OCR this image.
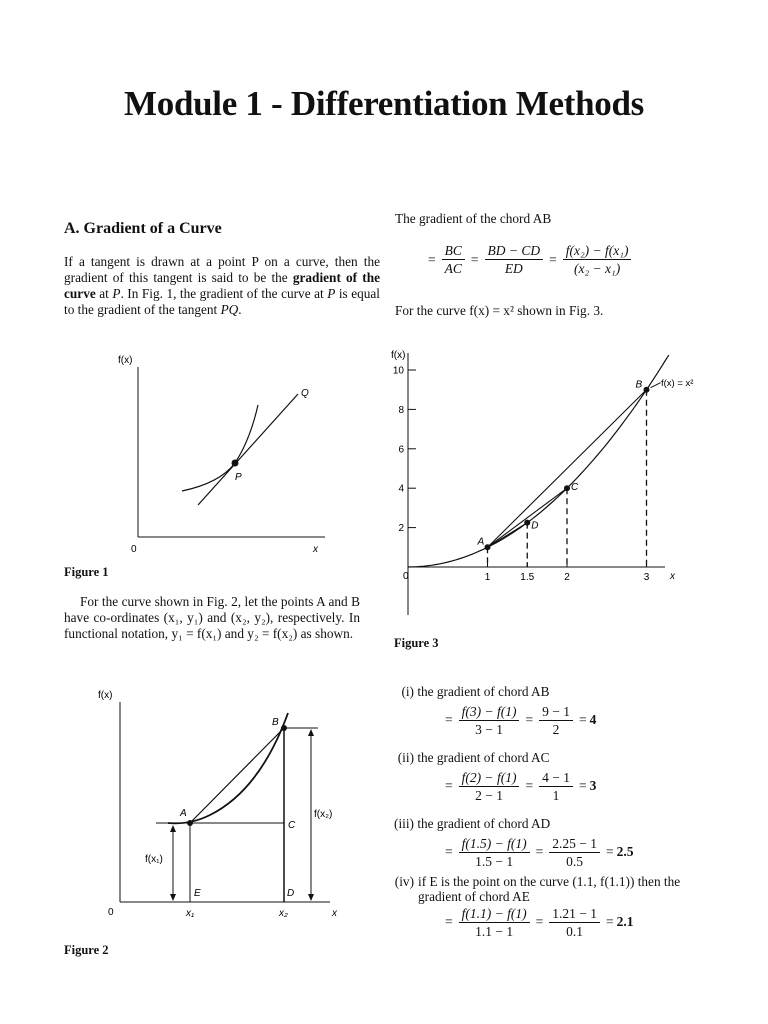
Module 1 - Differentiation Methods
A. Gradient of a Curve
If a tangent is drawn at a point P on a curve, then the gradient of this tangent is said to be the gradient of the curve at P. In Fig. 1, the gradient of the curve at P is equal to the gradient of the tangent PQ.
f(x)
0	x
P
Q
Figure 1
For the curve shown in Fig. 2, let the points A and B have co-ordinates (x₁, y₁) and (x₂, y₂), respectively. In functional notation, y₁ = f(x₁) and y₂ = f(x₂) as shown.
f(x)
0	x
A
B
C
D
E
f(x₁)
f(x₂)
x₁	x₂
Figure 2
The gradient of the chord AB
= $\frac{BC}{AC} = \frac{BD - CD}{ED} = \frac{\text{f(x₂) − f(x₁)}}{\text{(x₂ − x₁)}}$
For the curve f(x) = x² shown in Fig. 3.
f(x)
0	x
2
4
6
8
10
1	1.5	2	3
A
C
D
B f(x) = x²
Figure 3
(i) the gradient of chord AB
= $\frac{f(3) - f(1)}{3 - 1} = \frac{9 - 1}{2} = 4$
(ii) the gradient of chord AC
= $\frac{f(2) - f(1)}{2 - 1} = \frac{4 - 1}{1} = 3$
(iii) the gradient of chord AD
= $\frac{f(1.5) - f(1)}{1.5 - 1} = \frac{2.25 - 1}{0.5} = 2.5$
(iv) if E is the point on the curve (1.1, f(1.1)) then the gradient of chord AE
= $\frac{f(1.1) - f(1)}{1.1 - 1} = \frac{1.21 - 1}{0.1} = 2.1$
